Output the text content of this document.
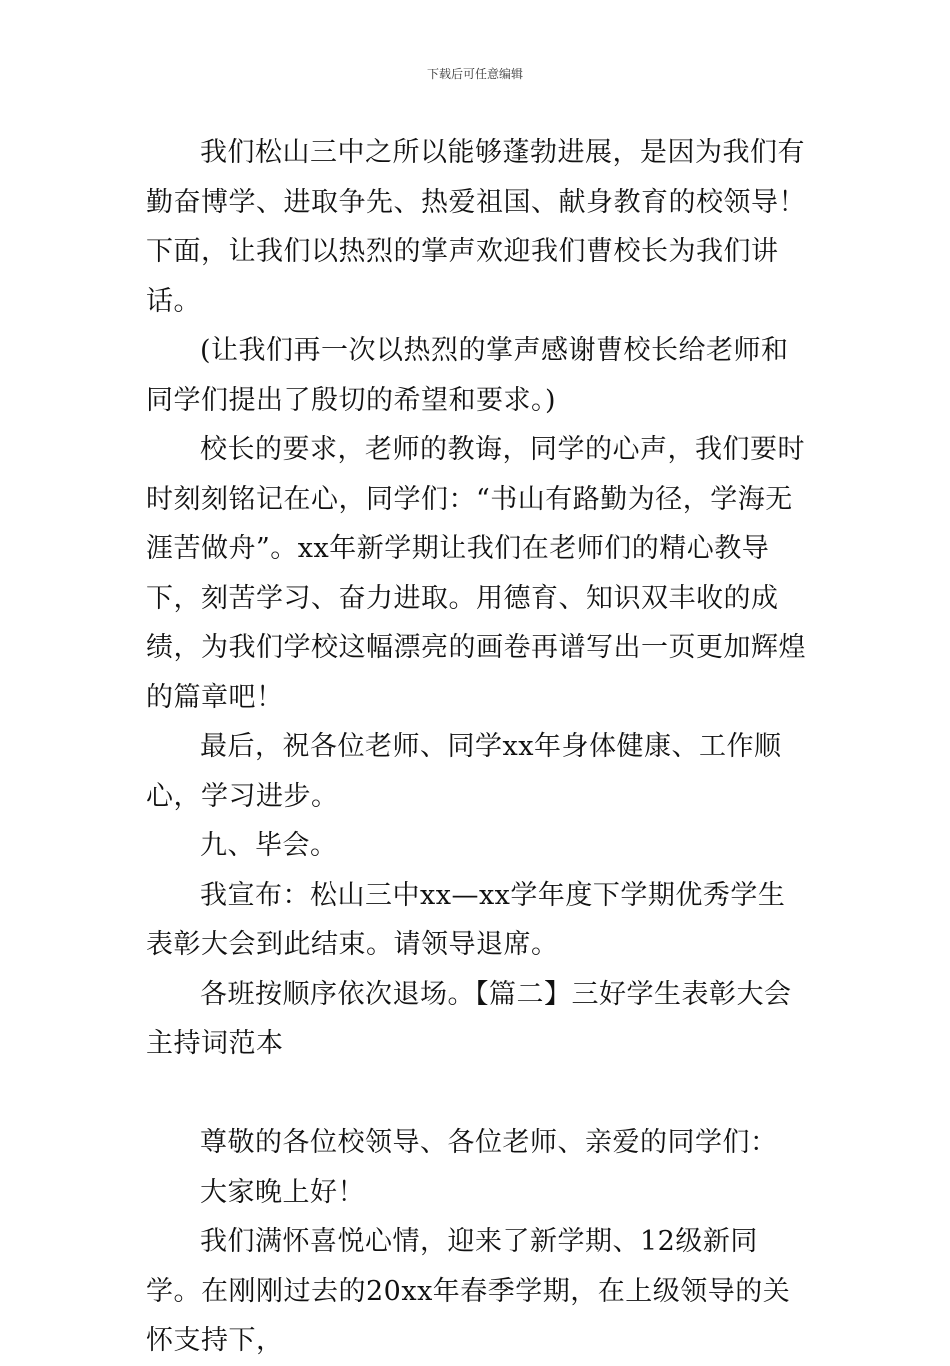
下载后可任意编辑

我们松山三中之所以能够蓬勃进展，是因为我们有勤奋博学、进取争先、热爱祖国、献身教育的校领导！下面，让我们以热烈的掌声欢迎我们曹校长为我们讲话。

(让我们再一次以热烈的掌声感谢曹校长给老师和同学们提出了殷切的希望和要求。)

校长的要求，老师的教诲，同学的心声，我们要时时刻刻铭记在心，同学们：“书山有路勤为径，学海无涯苦做舟”。xx年新学期让我们在老师们的精心教导下，刻苦学习、奋力进取。用德育、知识双丰收的成绩，为我们学校这幅漂亮的画卷再谱写出一页更加辉煌的篇章吧！

最后，祝各位老师、同学xx年身体健康、工作顺心，学习进步。

九、毕会。

我宣布：松山三中xx—xx学年度下学期优秀学生表彰大会到此结束。请领导退席。

各班按顺序依次退场。【篇二】三好学生表彰大会主持词范本

尊敬的各位校领导、各位老师、亲爱的同学们：

大家晚上好！

我们满怀喜悦心情，迎来了新学期、12级新同学。在刚刚过去的20xx年春季学期，在上级领导的关怀支持下，
